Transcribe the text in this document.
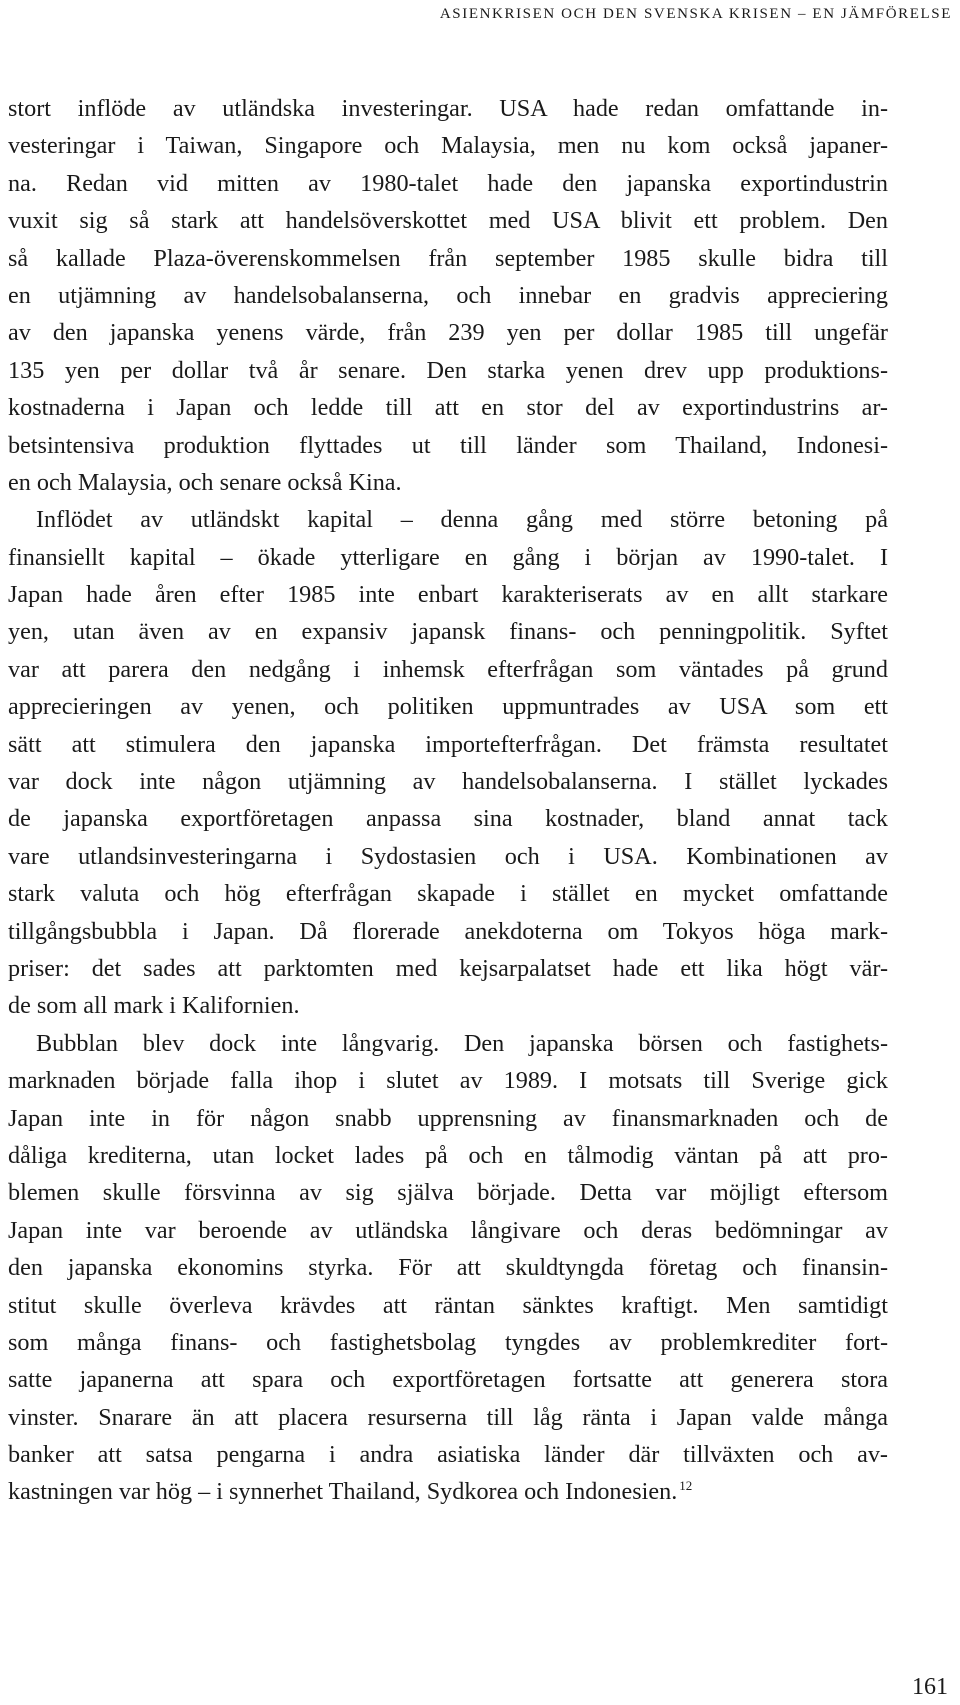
ASIENKRISEN OCH DEN SVENSKA KRISEN – EN JÄMFÖRELSE

stort inflöde av utländska investeringar. USA hade redan omfattande in-
vesteringar i Taiwan, Singapore och Malaysia, men nu kom också japaner-
na. Redan vid mitten av 1980-talet hade den japanska exportindustrin
vuxit sig så stark att handelsöverskottet med USA blivit ett problem. Den
så kallade Plaza-överenskommelsen från september 1985 skulle bidra till
en utjämning av handelsobalanserna, och innebar en gradvis appreciering
av den japanska yenens värde, från 239 yen per dollar 1985 till ungefär
135 yen per dollar två år senare. Den starka yenen drev upp produktions-
kostnaderna i Japan och ledde till att en stor del av exportindustrins ar-
betsintensiva produktion flyttades ut till länder som Thailand, Indonesi-
en och Malaysia, och senare också Kina.

Inflödet av utländskt kapital – denna gång med större betoning på
finansiellt kapital – ökade ytterligare en gång i början av 1990-talet. I
Japan hade åren efter 1985 inte enbart karakteriserats av en allt starkare
yen, utan även av en expansiv japansk finans- och penningpolitik. Syftet
var att parera den nedgång i inhemsk efterfrågan som väntades på grund
apprecieringen av yenen, och politiken uppmuntrades av USA som ett
sätt att stimulera den japanska importefterfrågan. Det främsta resultatet
var dock inte någon utjämning av handelsobalanserna. I stället lyckades
de japanska exportföretagen anpassa sina kostnader, bland annat tack
vare utlandsinvesteringarna i Sydostasien och i USA. Kombinationen av
stark valuta och hög efterfrågan skapade i stället en mycket omfattande
tillgångsbubbla i Japan. Då florerade anekdoterna om Tokyos höga mark-
priser: det sades att parktomten med kejsarpalatset hade ett lika högt vär-
de som all mark i Kalifornien.

Bubblan blev dock inte långvarig. Den japanska börsen och fastighets-
marknaden började falla ihop i slutet av 1989. I motsats till Sverige gick
Japan inte in för någon snabb upprensning av finansmarknaden och de
dåliga krediterna, utan locket lades på och en tålmodig väntan på att pro-
blemen skulle försvinna av sig själva började. Detta var möjligt eftersom
Japan inte var beroende av utländska långivare och deras bedömningar av
den japanska ekonomins styrka. För att skuldtyngda företag och finansin-
stitut skulle överleva krävdes att räntan sänktes kraftigt. Men samtidigt
som många finans- och fastighetsbolag tyngdes av problemkrediter fort-
satte japanerna att spara och exportföretagen fortsatte att generera stora
vinster. Snarare än att placera resurserna till låg ränta i Japan valde många
banker att satsa pengarna i andra asiatiska länder där tillväxten och av-
kastningen var hög – i synnerhet Thailand, Sydkorea och Indonesien. $^{12}$

161
